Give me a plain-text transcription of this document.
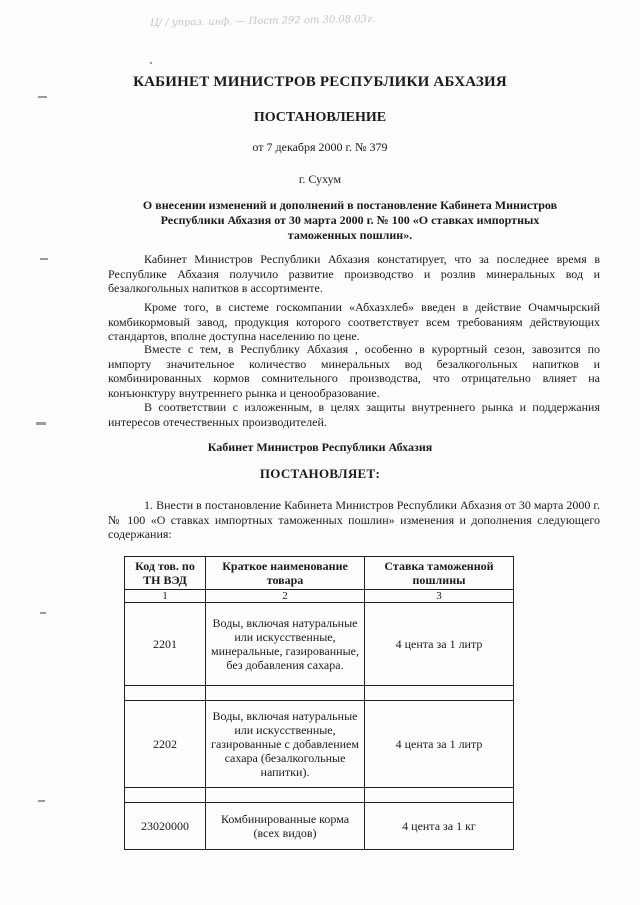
Ц/ / упраз. инф. — Пост 292 от 30.08.03г.
КАБИНЕТ МИНИСТРОВ РЕСПУБЛИКИ АБХАЗИЯ
ПОСТАНОВЛЕНИЕ
от 7 декабря 2000 г. № 379
г. Сухум
О внесении изменений и дополнений в постановление Кабинета Министров Республики Абхазия от 30 марта 2000 г. № 100 «О ставках импортных таможенных пошлин».

Кабинет Министров Республики Абхазия констатирует, что за последнее время в Республике Абхазия получило развитие производство и розлив минеральных вод и безалкогольных напитков в ассортименте.

Кроме того, в системе госкомпании «Абхазхлеб» введен в действие Очамчырский комбикормовый завод, продукция которого соответствует всем требованиям действующих стандартов, вполне доступна населению по цене.

Вместе с тем, в Республику Абхазия , особенно в курортный сезон, завозится по импорту значительное количество минеральных вод безалкогольных напитков и комбинированных кормов сомнительного производства, что отрицательно влияет на конъюнктуру внутреннего рынка и ценообразование.

В соответствии с изложенным, в целях защиты внутреннего рынка и поддержания интересов отечественных производителей.

Кабинет Министров Республики Абхазия
ПОСТАНОВЛЯЕТ:

1. Внести в постановление Кабинета Министров Республики Абхазия от 30 марта 2000 г. № 100 «О ставках импортных таможенных пошлин» изменения и дополнения следующего содержания:

Код тов. по ТН ВЭД	Краткое наименование товара	Ставка таможенной пошлины
1	2	3
2201	Воды, включая натуральные или искусственные, минеральные, газированные, без добавления сахара.	4 цента за 1 литр

2202	Воды, включая натуральные или искусственные, газированные с добавлением сахара (безалкогольные напитки).	4 цента за 1 литр

23020000	Комбинированные корма (всех видов)	4 цента за 1 кг
